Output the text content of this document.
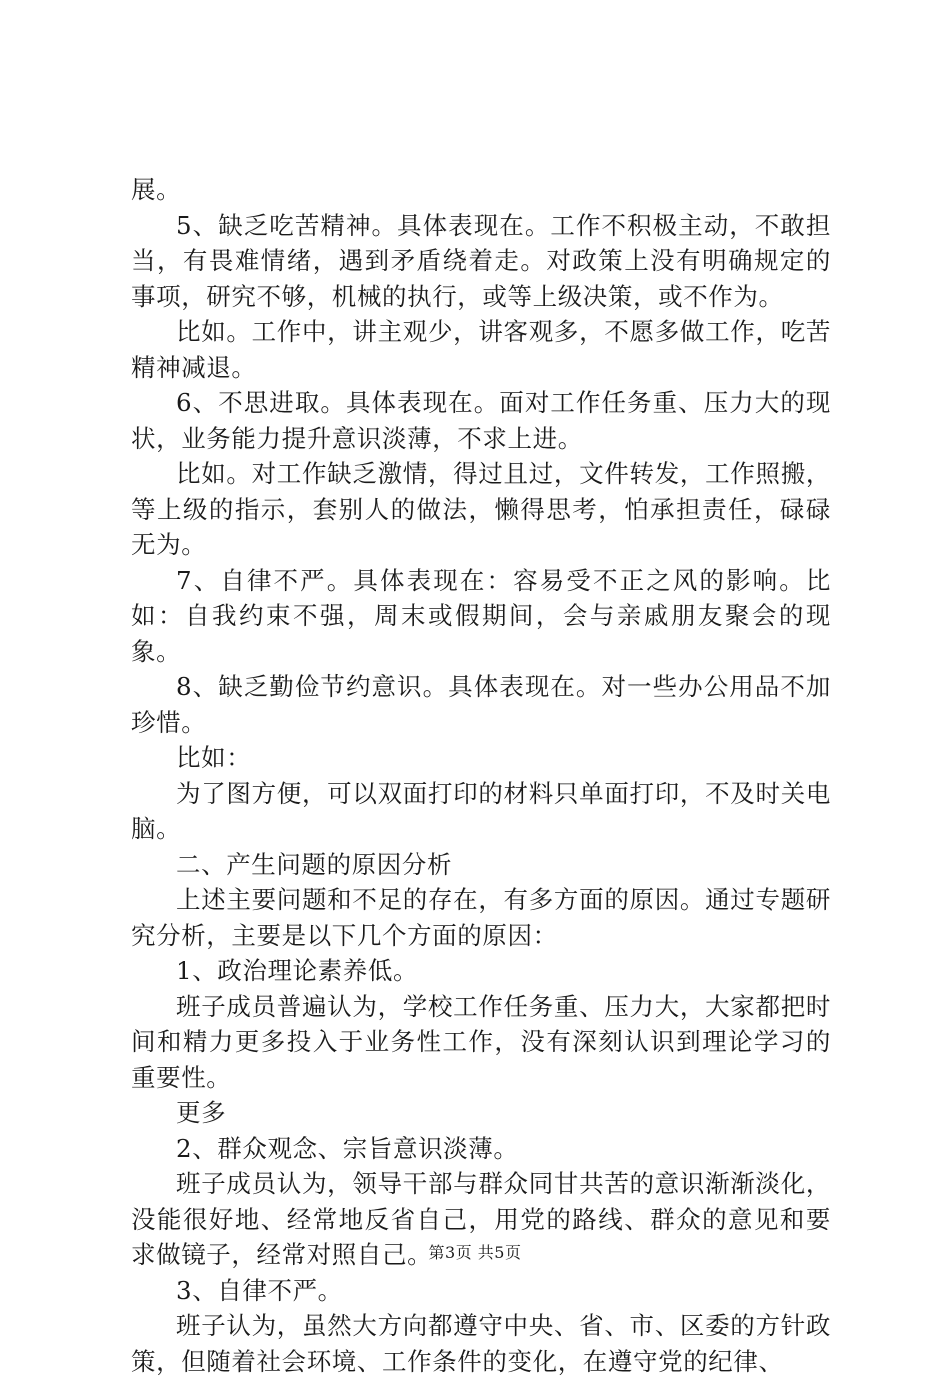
展。

5、缺乏吃苦精神。具体表现在。工作不积极主动，不敢担当，有畏难情绪，遇到矛盾绕着走。对政策上没有明确规定的事项，研究不够，机械的执行，或等上级决策，或不作为。

比如。工作中，讲主观少，讲客观多，不愿多做工作，吃苦精神减退。

6、不思进取。具体表现在。面对工作任务重、压力大的现状，业务能力提升意识淡薄，不求上进。

比如。对工作缺乏激情，得过且过，文件转发，工作照搬，等上级的指示，套别人的做法，懒得思考，怕承担责任，碌碌无为。

7、自律不严。具体表现在：容易受不正之风的影响。比如：自我约束不强，周末或假期间，会与亲戚朋友聚会的现象。

8、缺乏勤俭节约意识。具体表现在。对一些办公用品不加珍惜。

比如：

为了图方便，可以双面打印的材料只单面打印，不及时关电脑。

二、产生问题的原因分析

上述主要问题和不足的存在，有多方面的原因。通过专题研究分析，主要是以下几个方面的原因：

1、政治理论素养低。

班子成员普遍认为，学校工作任务重、压力大，大家都把时间和精力更多投入于业务性工作，没有深刻认识到理论学习的重要性。

更多

2、群众观念、宗旨意识淡薄。

班子成员认为，领导干部与群众同甘共苦的意识渐渐淡化，没能很好地、经常地反省自己，用党的路线、群众的意见和要求做镜子，经常对照自己。

3、自律不严。

班子认为，虽然大方向都遵守中央、省、市、区委的方针政策，但随着社会环境、工作条件的变化，在遵守党的纪律、

第3页 共5页
